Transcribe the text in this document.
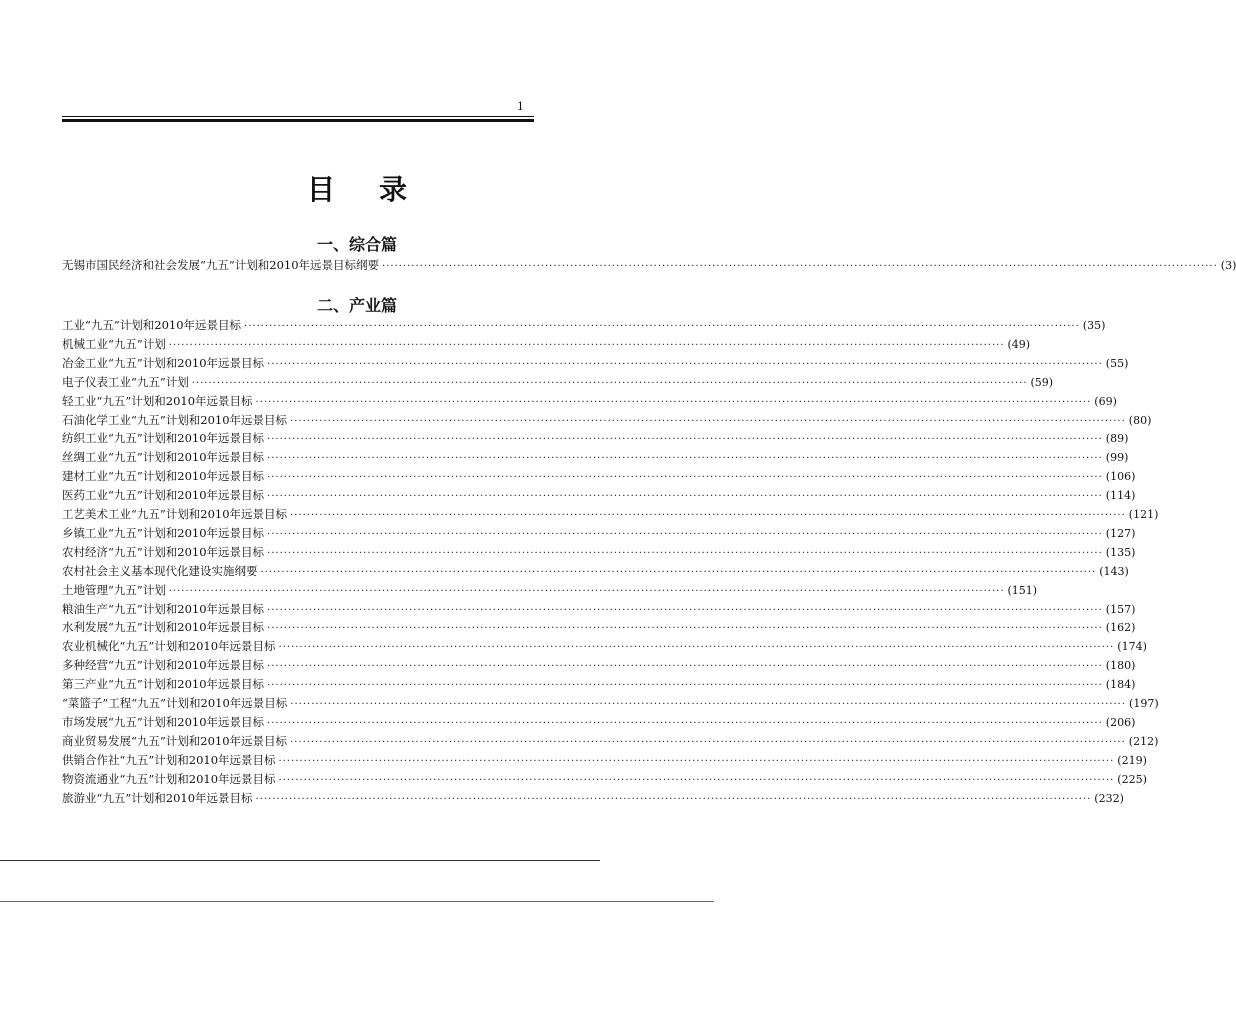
1
目录
一、综合篇
无锡市国民经济和社会发展“九五”计划和2010年远景目标纲要 ········································································································································································································ (3)
二、产业篇
工业“九五”计划和2010年远景目标 ········································································································································································································ (35)
机械工业“九五”计划 ········································································································································································································ (49)
冶金工业“九五”计划和2010年远景目标 ········································································································································································································ (55)
电子仪表工业“九五”计划 ········································································································································································································ (59)
轻工业“九五”计划和2010年远景目标 ········································································································································································································ (69)
石油化学工业“九五”计划和2010年远景目标 ········································································································································································································ (80)
纺织工业“九五”计划和2010年远景目标 ········································································································································································································ (89)
丝绸工业“九五”计划和2010年远景目标 ········································································································································································································ (99)
建材工业“九五”计划和2010年远景目标 ········································································································································································································ (106)
医药工业“九五”计划和2010年远景目标 ········································································································································································································ (114)
工艺美术工业“九五”计划和2010年远景目标 ········································································································································································································ (121)
乡镇工业“九五”计划和2010年远景目标 ········································································································································································································ (127)
农村经济“九五”计划和2010年远景目标 ········································································································································································································ (135)
农村社会主义基本现代化建设实施纲要 ········································································································································································································ (143)
土地管理“九五”计划 ········································································································································································································ (151)
粮油生产“九五”计划和2010年远景目标 ········································································································································································································ (157)
水利发展“九五”计划和2010年远景目标 ········································································································································································································ (162)
农业机械化“九五”计划和2010年远景目标 ········································································································································································································ (174)
多种经营“九五”计划和2010年远景目标 ········································································································································································································ (180)
第三产业“九五”计划和2010年远景目标 ········································································································································································································ (184)
“菜篮子”工程“九五”计划和2010年远景目标 ········································································································································································································ (197)
市场发展“九五”计划和2010年远景目标 ········································································································································································································ (206)
商业贸易发展“九五”计划和2010年远景目标 ········································································································································································································ (212)
供销合作社“九五”计划和2010年远景目标 ········································································································································································································ (219)
物资流通业“九五”计划和2010年远景目标 ········································································································································································································ (225)
旅游业“九五”计划和2010年远景目标 ········································································································································································································ (232)
